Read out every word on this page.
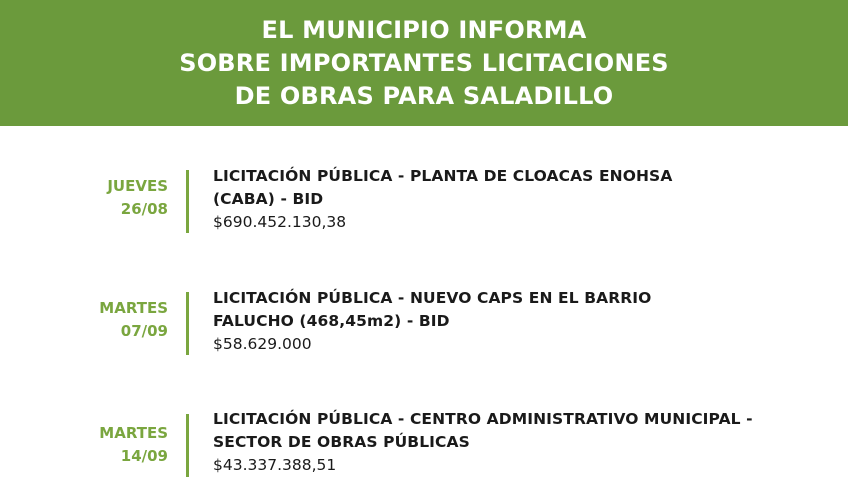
EL MUNICIPIO INFORMA
SOBRE IMPORTANTES LICITACIONES
DE OBRAS PARA SALADILLO
JUEVES
26/08
LICITACIÓN PÚBLICA - PLANTA DE CLOACAS ENOHSA
(CABA) - BID
$690.452.130,38
MARTES
07/09
LICITACIÓN PÚBLICA - NUEVO CAPS EN EL BARRIO
FALUCHO (468,45m2) - BID
$58.629.000
MARTES
14/09
LICITACIÓN PÚBLICA - CENTRO ADMINISTRATIVO MUNICIPAL -
SECTOR DE OBRAS PÚBLICAS
$43.337.388,51
